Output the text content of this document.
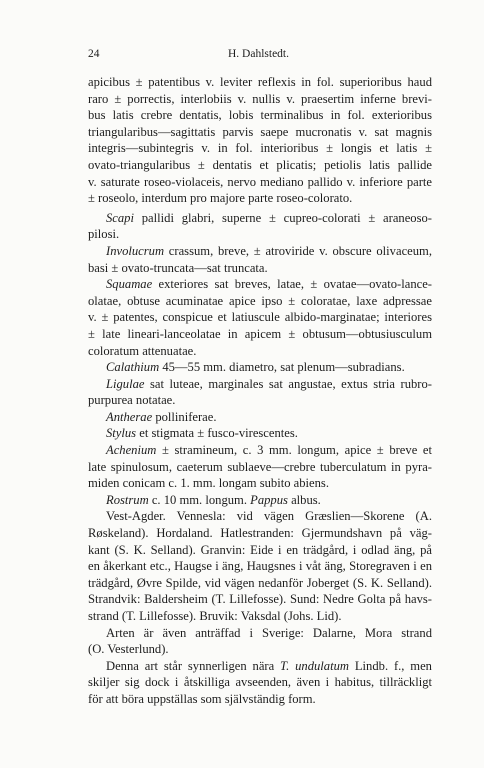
24	H. Dahlstedt.
apicibus ± patentibus v. leviter reflexis in fol. superioribus haud
raro ± porrectis, interlobiis v. nullis v. praesertim inferne brevi-
bus latis crebre dentatis, lobis terminalibus in fol. exterioribus
triangularibus—sagittatis parvis saepe mucronatis v. sat magnis
integris—subintegris v. in fol. interioribus ± longis et latis ±
ovato-triangularibus ± dentatis et plicatis; petiolis latis pallide
v. saturate roseo-violaceis, nervo mediano pallido v. inferiore parte
± roseolo, interdum pro majore parte roseo-colorato.
Scapi pallidi glabri, superne ± cupreo-colorati ± araneoso-
pilosi.
Involucrum crassum, breve, ± atroviride v. obscure olivaceum,
basi ± ovato-truncata—sat truncata.
Squamae exteriores sat breves, latae, ± ovatae—ovato-lance-
olatae, obtuse acuminatae apice ipso ± coloratae, laxe adpressae
v. ± patentes, conspicue et latiuscule albido-marginatae; interiores
± late lineari-lanceolatae in apicem ± obtusum—obtusiusculum
coloratum attenuatae.
Calathium 45—55 mm. diametro, sat plenum—subradians.
Ligulae sat luteae, marginales sat angustae, extus stria rubro-
purpurea notatae.
Antherae polliniferae.
Stylus et stigmata ± fusco-virescentes.
Achenium ± stramineum, c. 3 mm. longum, apice ± breve et
late spinulosum, caeterum sublaeve—crebre tuberculatum in pyra-
miden conicam c. 1. mm. longam subito abiens.
Rostrum c. 10 mm. longum. Pappus albus.
Vest-Agder. Vennesla: vid vägen Græslien—Skorene (A.
Røskeland). Hordaland. Hatlestranden: Gjermundshavn på väg-
kant (S. K. Selland). Granvin: Eide i en trädgård, i odlad äng, på
en åkerkant etc., Haugse i äng, Haugsnes i våt äng, Storegraven i en
trädgård, Øvre Spilde, vid vägen nedanför Joberget (S. K. Selland).
Strandvik: Baldersheim (T. Lillefosse). Sund: Nedre Golta på havs-
strand (T. Lillefosse). Bruvik: Vaksdal (Johs. Lid).
Arten är även anträffad i Sverige: Dalarne, Mora strand
(O. Vesterlund).
Denna art står synnerligen nära T. undulatum Lindb. f., men
skiljer sig dock i åtskilliga avseenden, även i habitus, tillräckligt
för att böra uppställas som självständig form.
